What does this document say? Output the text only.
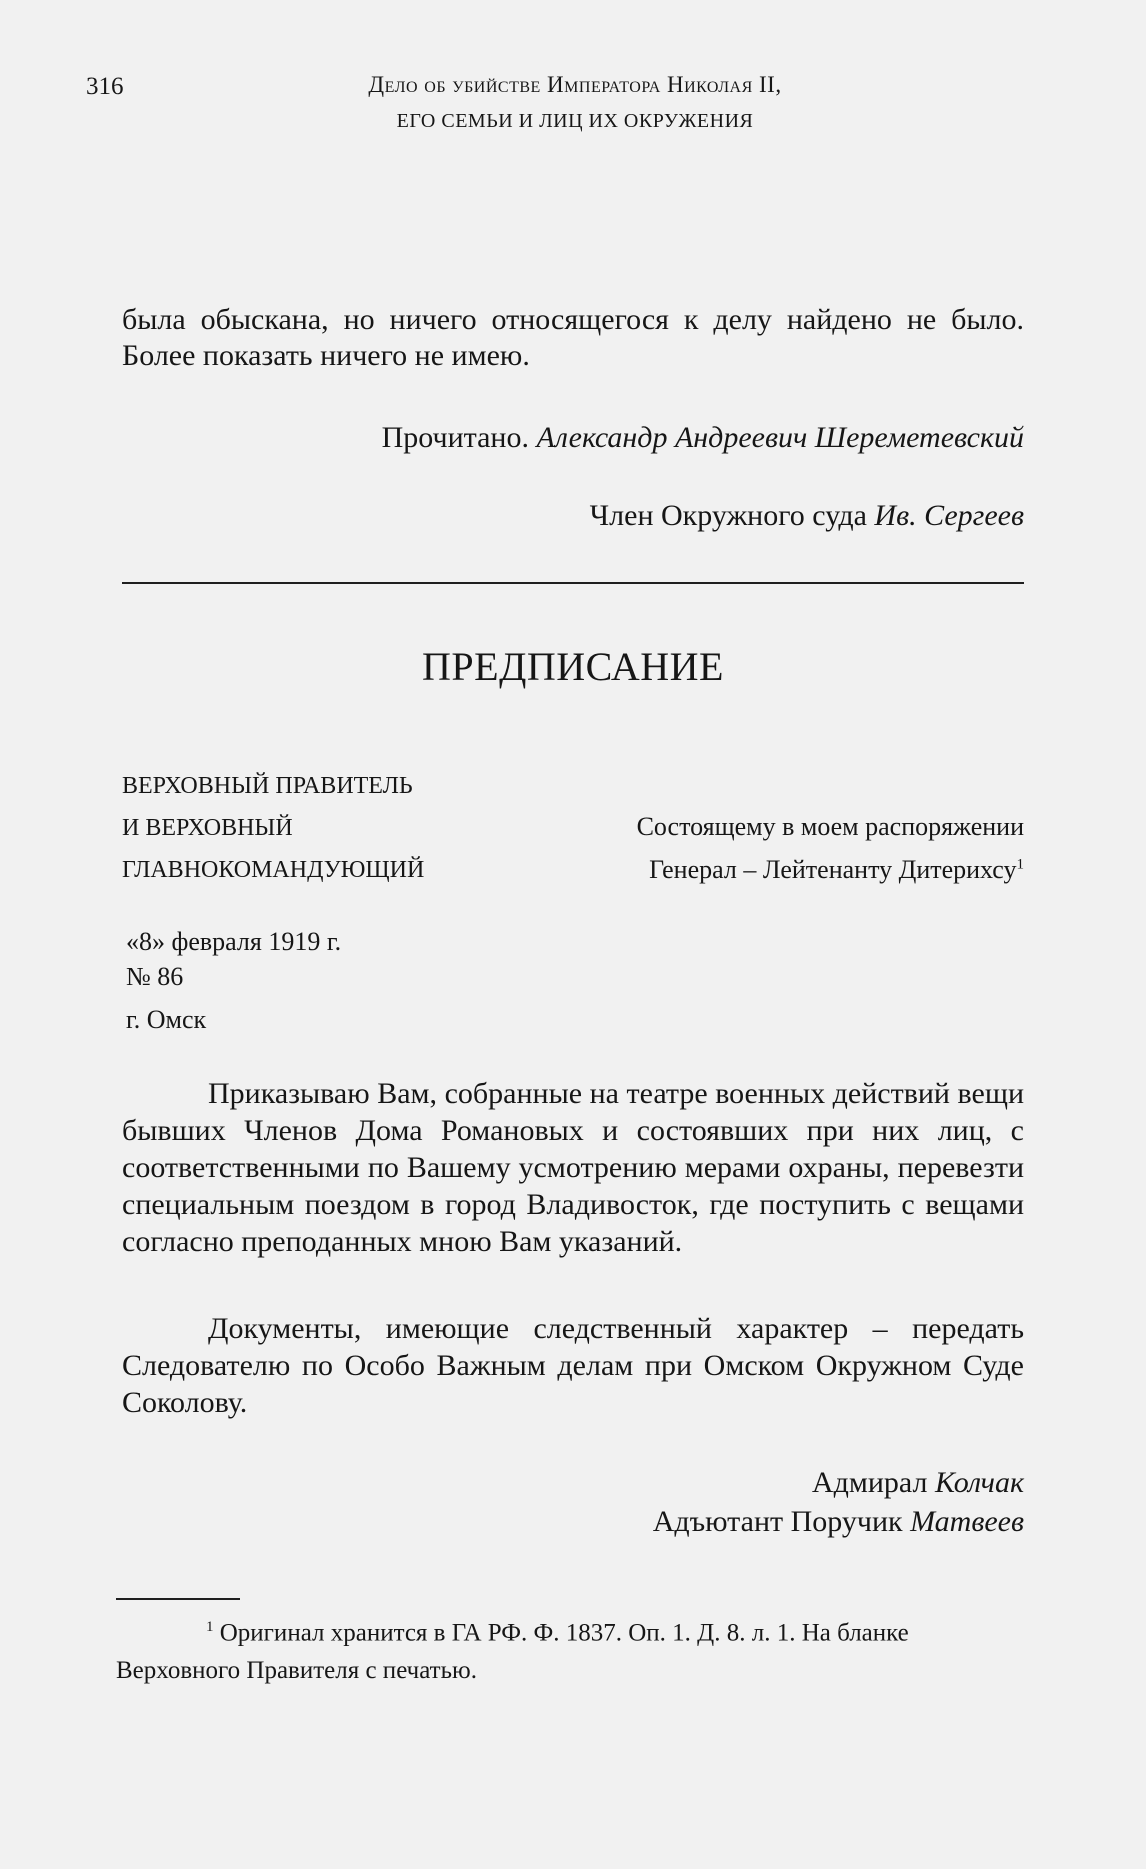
316	Дело об убийстве Императора Николая II,
ЕГО СЕМЬИ И ЛИЦ ИХ ОКРУЖЕНИЯ
была обыскана, но ничего относящегося к делу найдено не было. Более показать ничего не имею.
Прочитано. Александр Андреевич Шереметевский
Член Окружного суда Ив. Сергеев
ПРЕДПИСАНИЕ
ВЕРХОВНЫЙ ПРАВИТЕЛЬ
И ВЕРХОВНЫЙ
ГЛАВНОКОМАНДУЮЩИЙ
Состоящему в моем распоряжении
Генерал – Лейтенанту Дитерихсу$^1$
«8» февраля 1919 г.
№ 86
г. Омск
Приказываю Вам, собранные на театре военных действий вещи бывших Членов Дома Романовых и состоявших при них лиц, с соответственными по Вашему усмотрению мерами охраны, перевезти специальным поездом в город Владивосток, где поступить с вещами согласно преподанных мною Вам указаний.
Документы, имеющие следственный характер – передать Следователю по Особо Важным делам при Омском Окружном Суде Соколову.
Адмирал Колчак
Адъютант Поручик Матвеев
$^1$ Оригинал хранится в ГА РФ. Ф. 1837. Оп. 1. Д. 8. л. 1. На бланке Верховного Правителя с печатью.
